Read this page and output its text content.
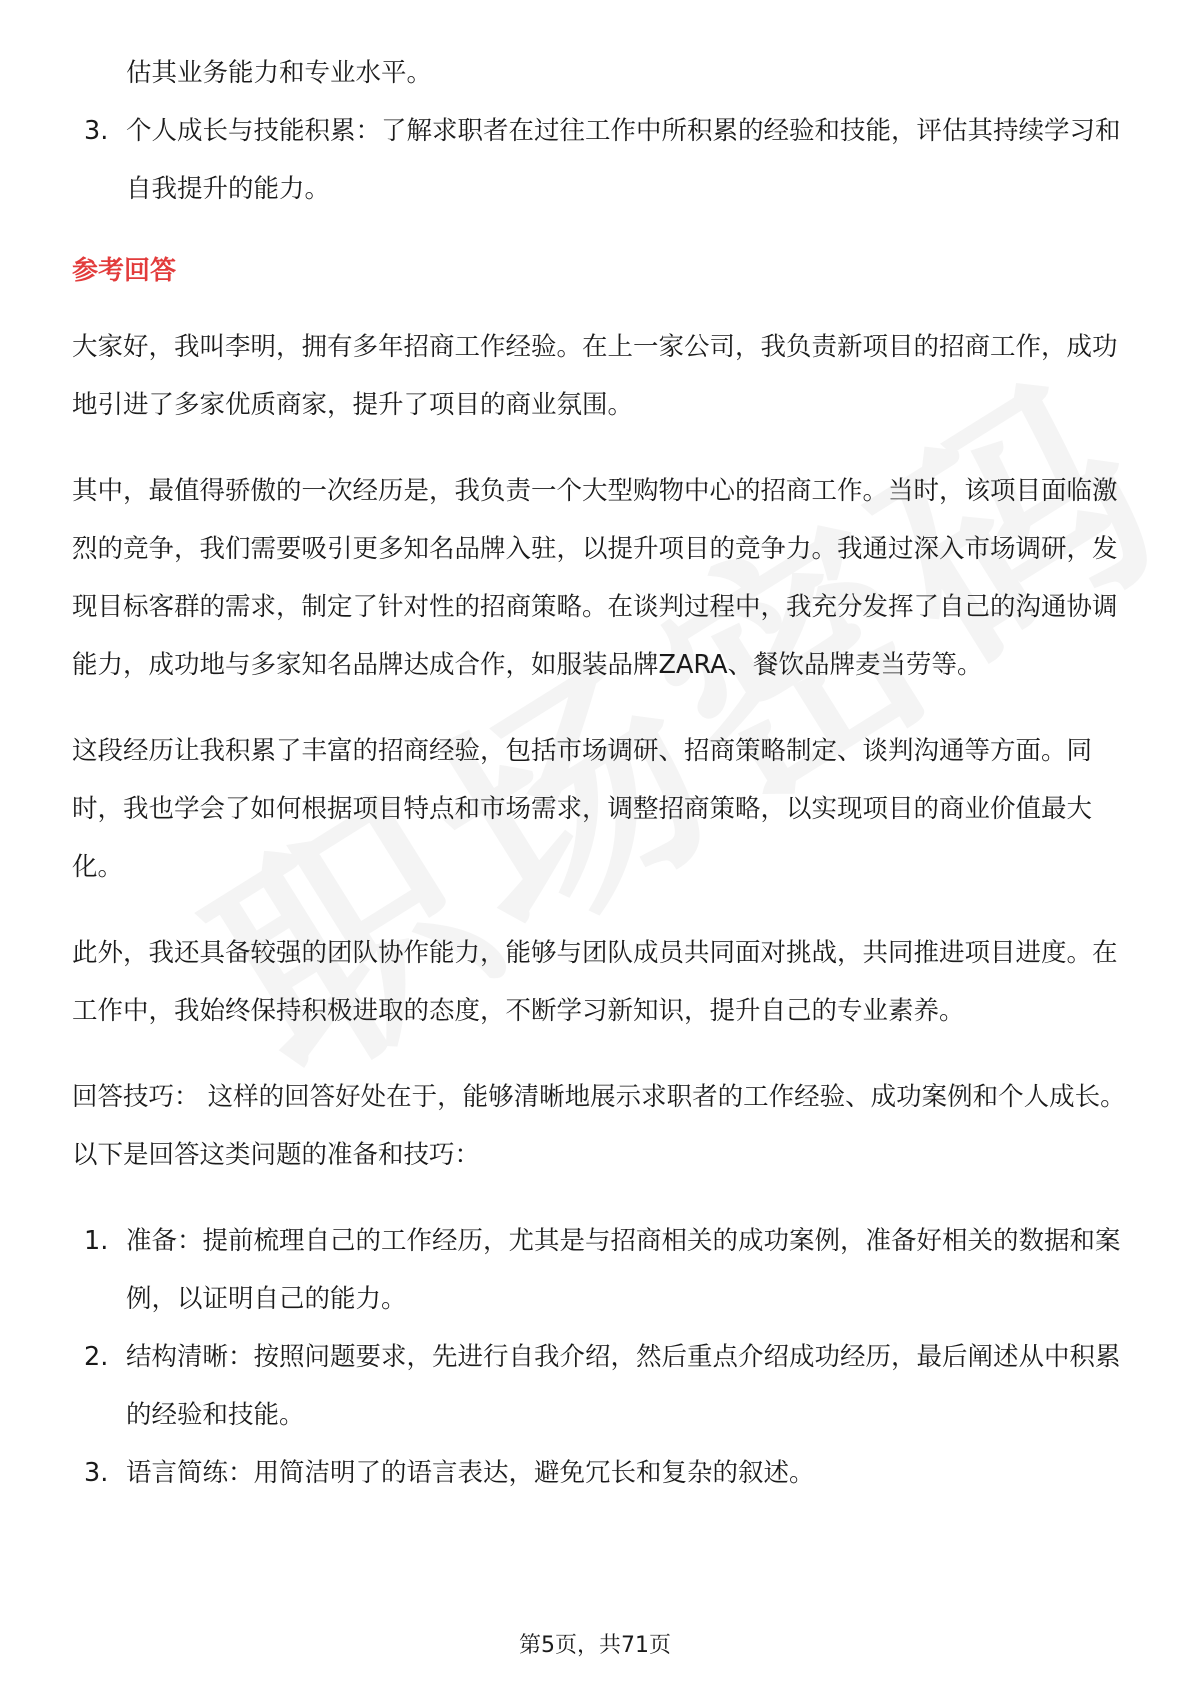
估其业务能力和专业水平。

3. 个人成长与技能积累：了解求职者在过往工作中所积累的经验和技能，评估其持续学习和自我提升的能力。
参考回答

大家好，我叫李明，拥有多年招商工作经验。在上一家公司，我负责新项目的招商工作，成功地引进了多家优质商家，提升了项目的商业氛围。

其中，最值得骄傲的一次经历是，我负责一个大型购物中心的招商工作。当时，该项目面临激烈的竞争，我们需要吸引更多知名品牌入驻，以提升项目的竞争力。我通过深入市场调研，发现目标客群的需求，制定了针对性的招商策略。在谈判过程中，我充分发挥了自己的沟通协调能力，成功地与多家知名品牌达成合作，如服装品牌ZARA、餐饮品牌麦当劳等。

这段经历让我积累了丰富的招商经验，包括市场调研、招商策略制定、谈判沟通等方面。同时，我也学会了如何根据项目特点和市场需求，调整招商策略，以实现项目的商业价值最大化。

此外，我还具备较强的团队协作能力，能够与团队成员共同面对挑战，共同推进项目进度。在工作中，我始终保持积极进取的态度，不断学习新知识，提升自己的专业素养。

回答技巧： 这样的回答好处在于，能够清晰地展示求职者的工作经验、成功案例和个人成长。以下是回答这类问题的准备和技巧：

1. 准备：提前梳理自己的工作经历，尤其是与招商相关的成功案例，准备好相关的数据和案例，以证明自己的能力。
2. 结构清晰：按照问题要求，先进行自我介绍，然后重点介绍成功经历，最后阐述从中积累的经验和技能。
3. 语言简练：用简洁明了的语言表达，避免冗长和复杂的叙述。
第5页，共71页
